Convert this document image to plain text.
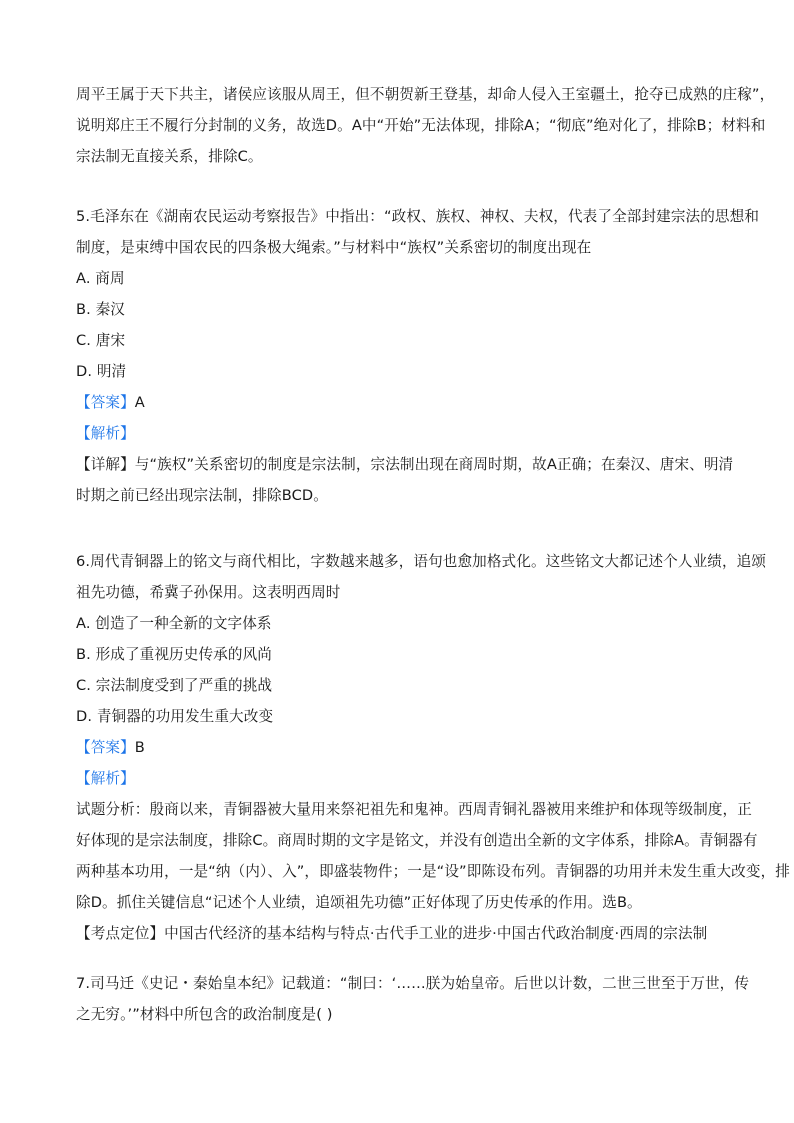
周平王属于天下共主，诸侯应该服从周王，但不朝贺新王登基，却命人侵入王室疆土，抢夺已成熟的庄稼”，
说明郑庄王不履行分封制的义务，故选D。A中“开始”无法体现，排除A；“彻底”绝对化了，排除B；材料和
宗法制无直接关系，排除C。
5.毛泽东在《湖南农民运动考察报告》中指出：“政权、族权、神权、夫权，代表了全部封建宗法的思想和
制度，是束缚中国农民的四条极大绳索。”与材料中“族权”关系密切的制度出现在
A. 商周
B. 秦汉
C. 唐宋
D. 明清
【答案】A
【解析】
【详解】与“族权”关系密切的制度是宗法制，宗法制出现在商周时期，故A正确；在秦汉、唐宋、明清
时期之前已经出现宗法制，排除BCD。
6.周代青铜器上的铭文与商代相比，字数越来越多，语句也愈加格式化。这些铭文大都记述个人业绩，追颂
祖先功德，希冀子孙保用。这表明西周时
A. 创造了一种全新的文字体系
B. 形成了重视历史传承的风尚
C. 宗法制度受到了严重的挑战
D. 青铜器的功用发生重大改变
【答案】B
【解析】
试题分析：殷商以来，青铜器被大量用来祭祀祖先和鬼神。西周青铜礼器被用来维护和体现等级制度，正
好体现的是宗法制度，排除C。商周时期的文字是铭文，并没有创造出全新的文字体系，排除A。青铜器有
两种基本功用，一是“纳（内）、入”，即盛装物件；一是“设”即陈设布列。青铜器的功用并未发生重大改变，排
除D。抓住关键信息“记述个人业绩，追颂祖先功德”正好体现了历史传承的作用。选B。
【考点定位】中国古代经济的基本结构与特点·古代手工业的进步·中国古代政治制度·西周的宗法制
7.司马迁《史记・秦始皇本纪》记载道：“制曰：‘……朕为始皇帝。后世以计数，二世三世至于万世，传
之无穷。’”材料中所包含的政治制度是( )
